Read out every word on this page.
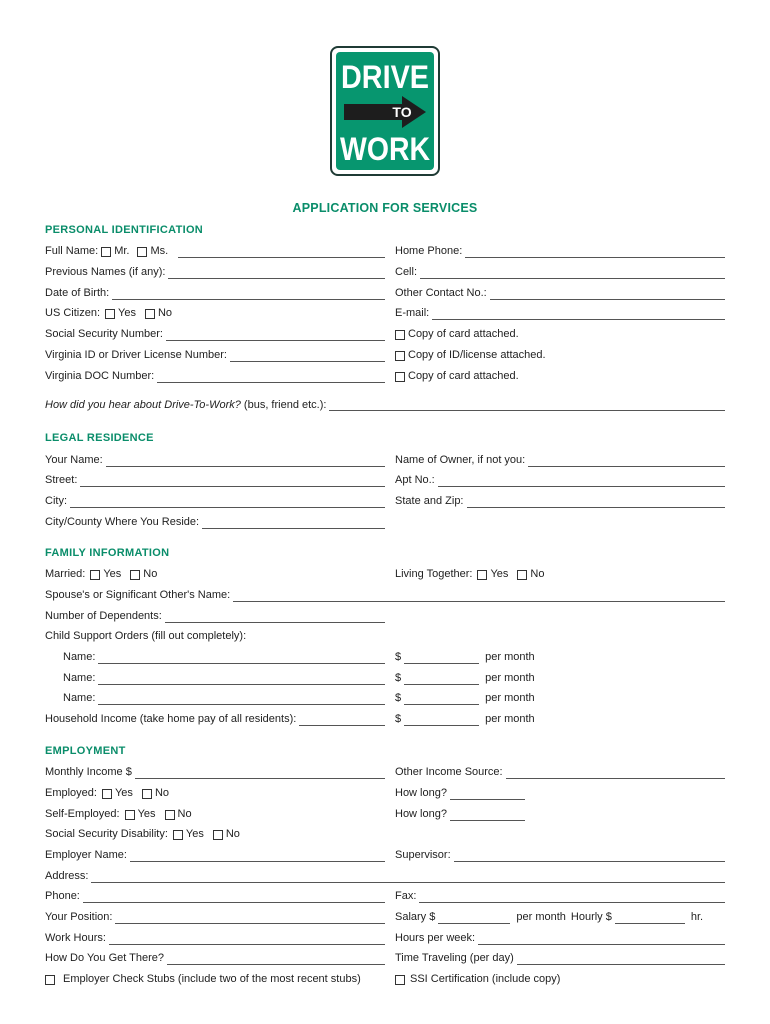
DRIVE
TO
WORK
APPLICATION FOR SERVICES
PERSONAL IDENTIFICATION
Full Name: Mr. Ms.	Home Phone:
Previous Names (if any):	Cell:
Date of Birth:	Other Contact No.:
US Citizen: Yes No	E-mail:
Social Security Number:	Copy of card attached.
Virginia ID or Driver License Number:	Copy of ID/license attached.
Virginia DOC Number:	Copy of card attached.
How did you hear about Drive-To-Work? (bus, friend etc.):
LEGAL RESIDENCE
Your Name:	Name of Owner, if not you:
Street:	Apt No.:
City:	State and Zip:
City/County Where You Reside:
FAMILY INFORMATION
Married: Yes No	Living Together: Yes No
Spouse's or Significant Other's Name:
Number of Dependents:
Child Support Orders (fill out completely):
Name:	$	per month
Name:	$	per month
Name:	$	per month
Household Income (take home pay of all residents):	$	per month
EMPLOYMENT
Monthly Income $	Other Income Source:
Employed: Yes No	How long?
Self-Employed: Yes No	How long?
Social Security Disability: Yes No
Employer Name:	Supervisor:
Address:
Phone:	Fax:
Your Position:	Salary $	per month Hourly $	hr.
Work Hours:	Hours per week:
How Do You Get There?	Time Traveling (per day)
Employer Check Stubs (include two of the most recent stubs)	SSI Certification (include copy)
